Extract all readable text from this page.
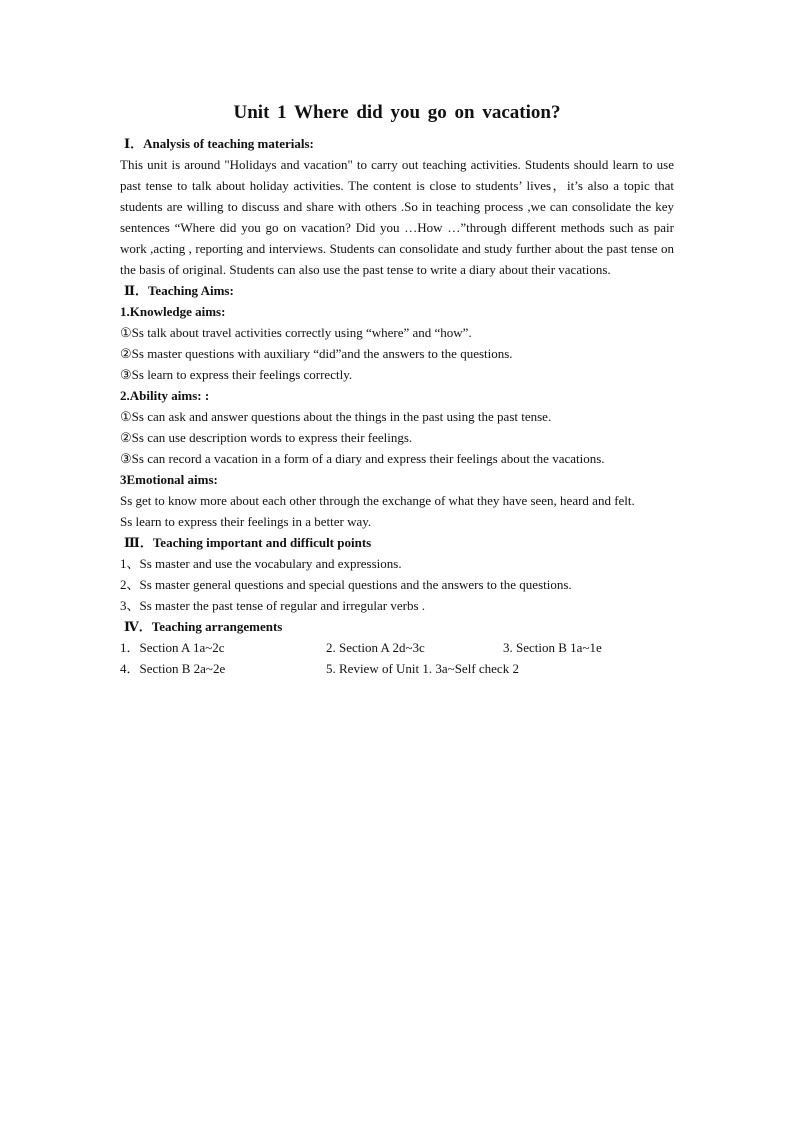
Unit 1 Where did you go on vacation?

Ⅰ．Analysis of teaching materials:

This unit is around "Holidays and vacation" to carry out teaching activities. Students should learn to use past tense to talk about holiday activities. The content is close to students’ lives，it’s also a topic that students are willing to discuss and share with others .So in teaching process ,we can consolidate the key sentences “Where did you go on vacation? Did you …How …”through different methods such as pair work ,acting , reporting and interviews. Students can consolidate and study further about the past tense on the basis of original. Students can also use the past tense to write a diary about their vacations.

Ⅱ．Teaching Aims:

1.Knowledge aims:

①Ss talk about travel activities correctly using “where” and “how”.

②Ss master questions with auxiliary “did”and the answers to the questions.

③Ss learn to express their feelings correctly.

2.Ability aims: :

①Ss can ask and answer questions about the things in the past using the past tense.

②Ss can use description words to express their feelings.

③Ss can record a vacation in a form of a diary and express their feelings about the vacations.

3Emotional aims:

Ss get to know more about each other through the exchange of what they have seen, heard and felt.

Ss learn to express their feelings in a better way.

Ⅲ．Teaching important and difficult points

1、Ss master and use the vocabulary and expressions.

2、Ss master general questions and special questions and the answers to the questions.

3、Ss master the past tense of regular and irregular verbs .

Ⅳ．Teaching arrangements

1．Section A 1a~2c	2. Section A 2d~3c	3. Section B 1a~1e
4．Section B 2a~2e	5. Review of Unit 1. 3a~Self check 2
